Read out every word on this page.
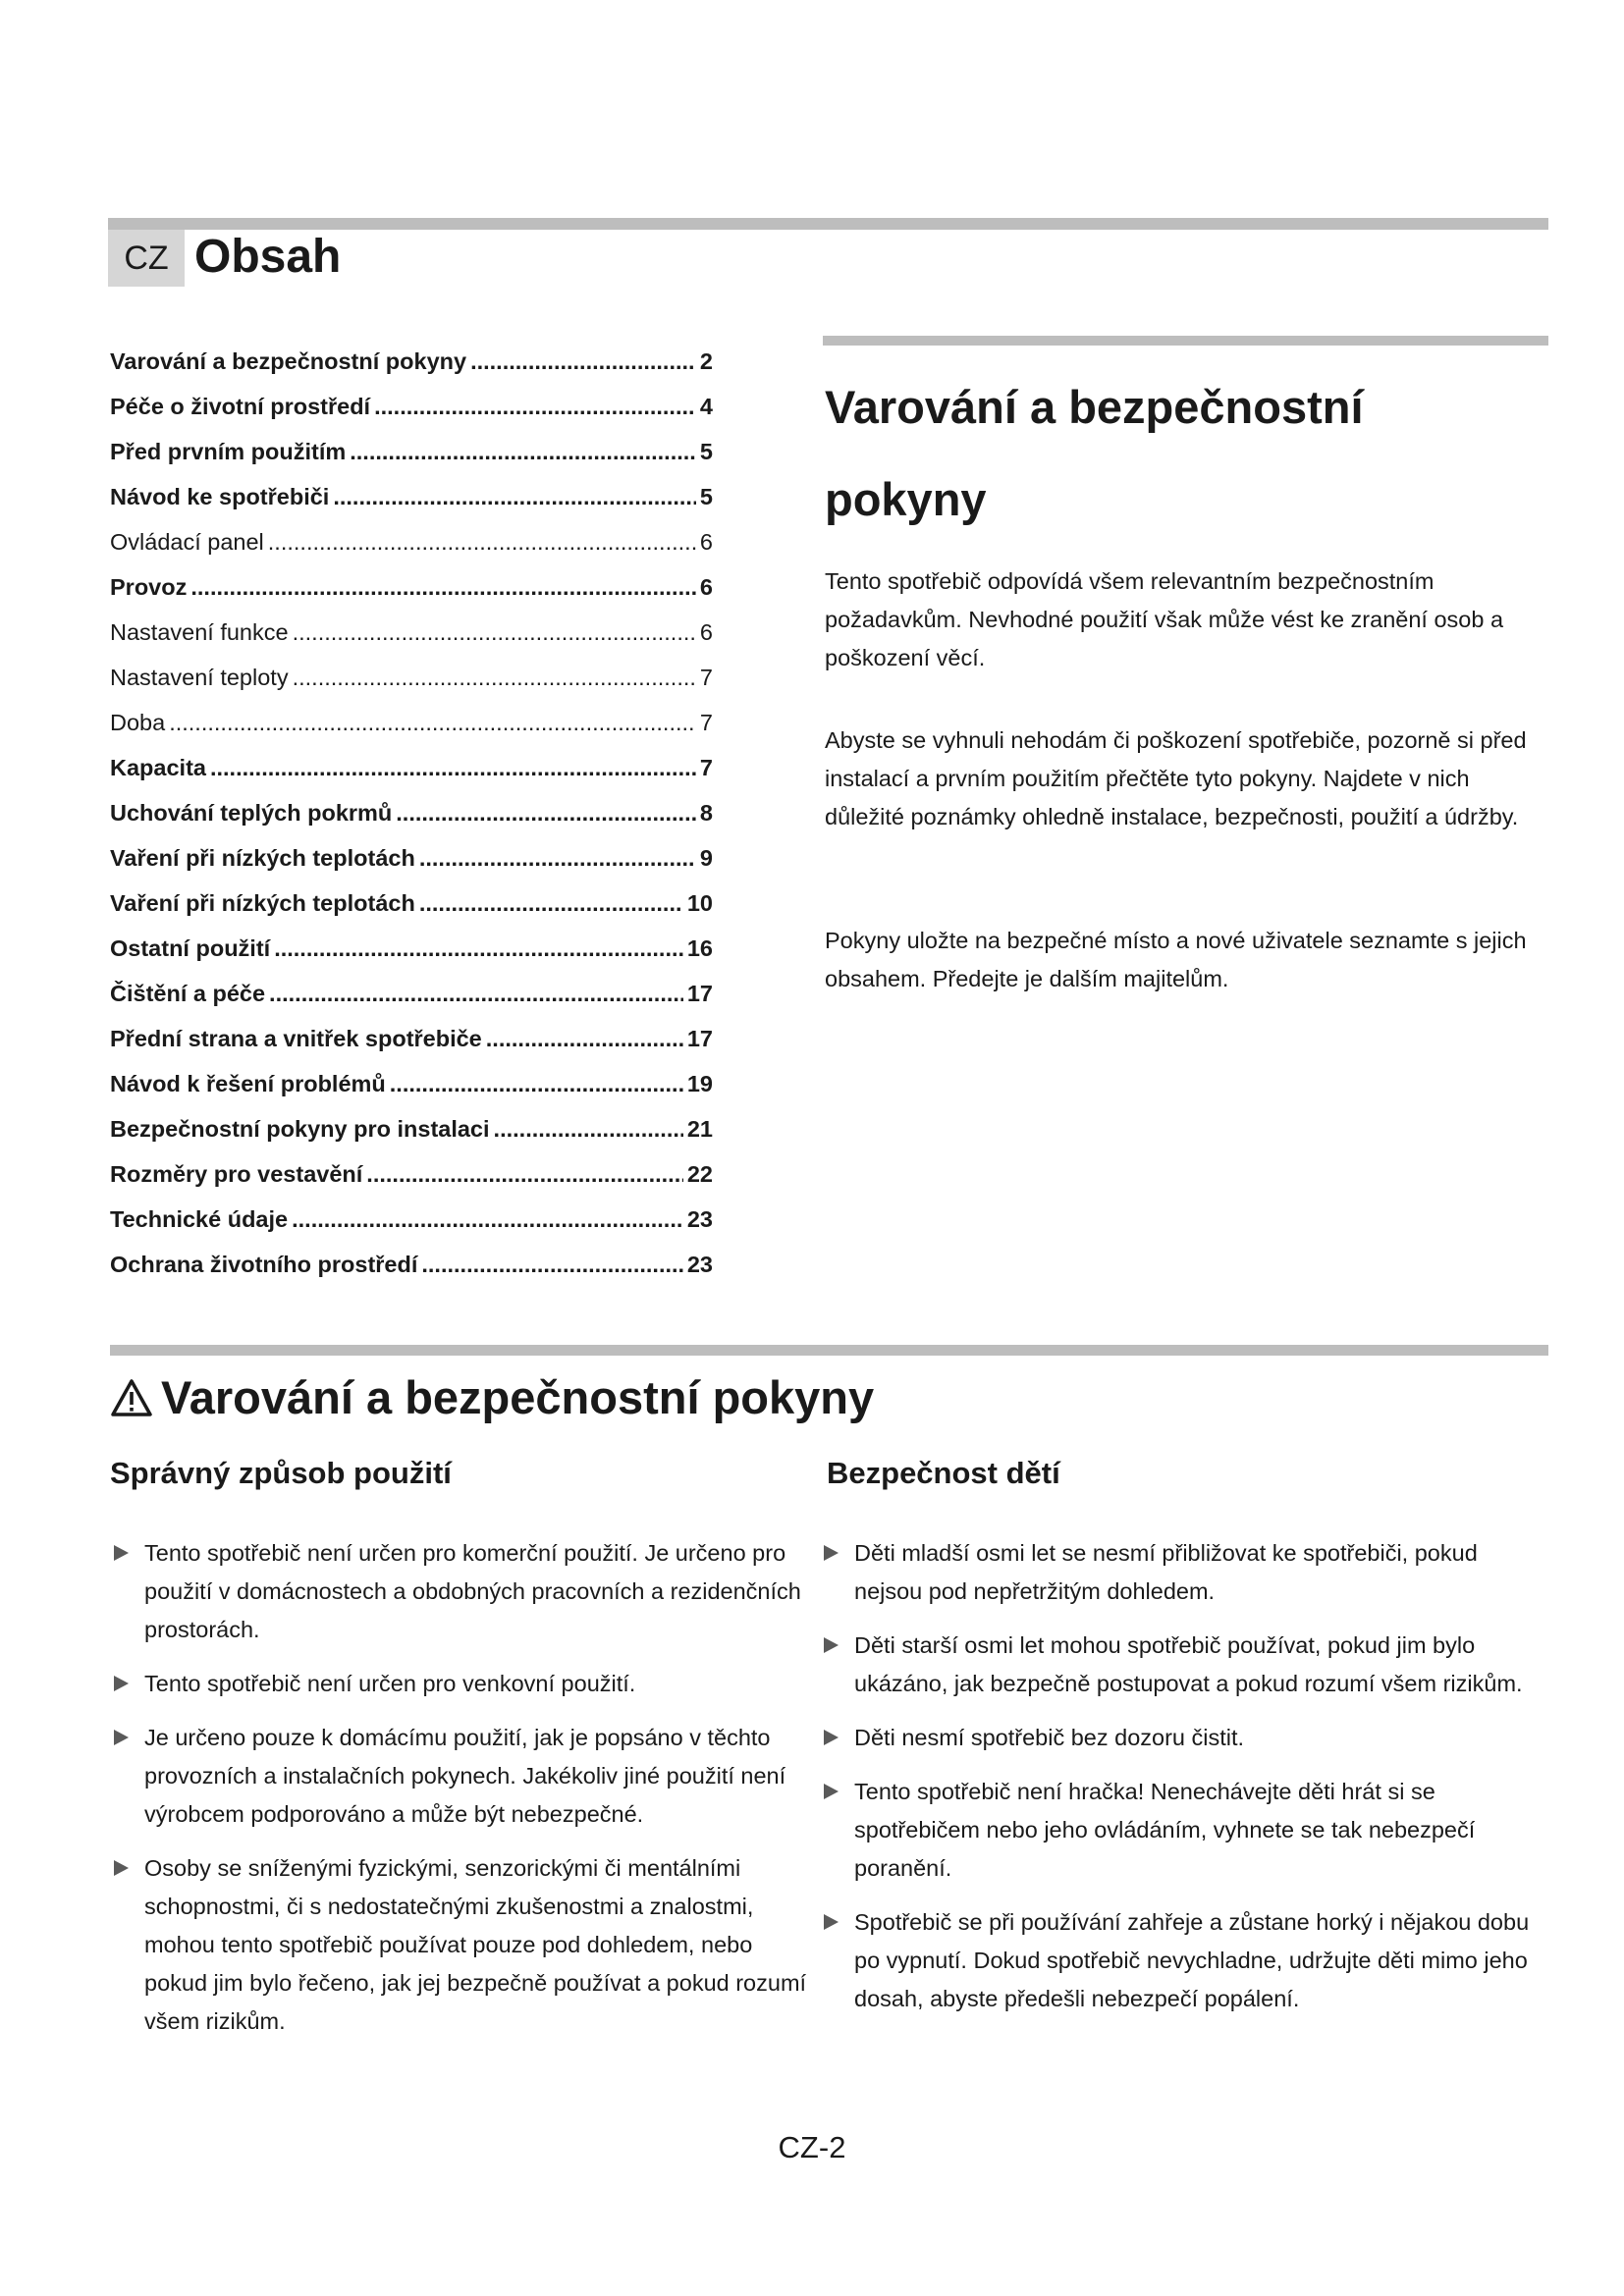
CZ Obsah
Varování a bezpečnostní pokyny .....	2
Péče o životní prostředí .....	4
Před prvním použitím .....	5
Návod ke spotřebiči .....	5
Ovládací panel .....	6
Provoz .....	6
Nastavení funkce .....	6
Nastavení teploty .....	7
Doba .....	7
Kapacita .....	7
Uchování teplých pokrmů .....	8
Vaření při nízkých teplotách .....	9
Vaření při nízkých teplotách .....	10
Ostatní použití .....	16
Čištění a péče .....	17
Přední strana a vnitřek spotřebiče .....	17
Návod k řešení problémů .....	19
Bezpečnostní pokyny pro instalaci .....	21
Rozměry pro vestavění .....	22
Technické údaje .....	23
Ochrana životního prostředí .....	23
Varování a bezpečnostní
pokyny

Tento spotřebič odpovídá všem relevantním bezpečnostním požadavkům. Nevhodné použití však může vést ke zranění osob a poškození věcí.

Abyste se vyhnuli nehodám či poškození spotřebiče, pozorně si před instalací a prvním použitím přečtěte tyto pokyny. Najdete v nich důležité poznámky ohledně instalace, bezpečnosti, použití a údržby.

Pokyny uložte na bezpečné místo a nové uživatele seznamte s jejich obsahem. Předejte je dalším majitelům.

Varování a bezpečnostní pokyny
Správný způsob použití
Tento spotřebič není určen pro komerční použití. Je určeno pro použití v domácnostech a obdobných pracovních a rezidenčních prostorách.
Tento spotřebič není určen pro venkovní použití.
Je určeno pouze k domácímu použití, jak je popsáno v těchto provozních a instalačních pokynech. Jakékoliv jiné použití není výrobcem podporováno a může být nebezpečné.
Osoby se sníženými fyzickými, senzorickými či mentálními schopnostmi, či s nedostatečnými zkušenostmi a znalostmi, mohou tento spotřebič používat pouze pod dohledem, nebo pokud jim bylo řečeno, jak jej bezpečně používat a pokud rozumí všem rizikům.
Bezpečnost dětí
Děti mladší osmi let se nesmí přibližovat ke spotřebiči, pokud nejsou pod nepřetržitým dohledem.
Děti starší osmi let mohou spotřebič používat, pokud jim bylo ukázáno, jak bezpečně postupovat a pokud rozumí všem rizikům.
Děti nesmí spotřebič bez dozoru čistit.
Tento spotřebič není hračka! Nenechávejte děti hrát si se spotřebičem nebo jeho ovládáním, vyhnete se tak nebezpečí poranění.
Spotřebič se při používání zahřeje a zůstane horký i nějakou dobu po vypnutí. Dokud spotřebič nevychladne, udržujte děti mimo jeho dosah, abyste předešli nebezpečí popálení.
CZ-2
